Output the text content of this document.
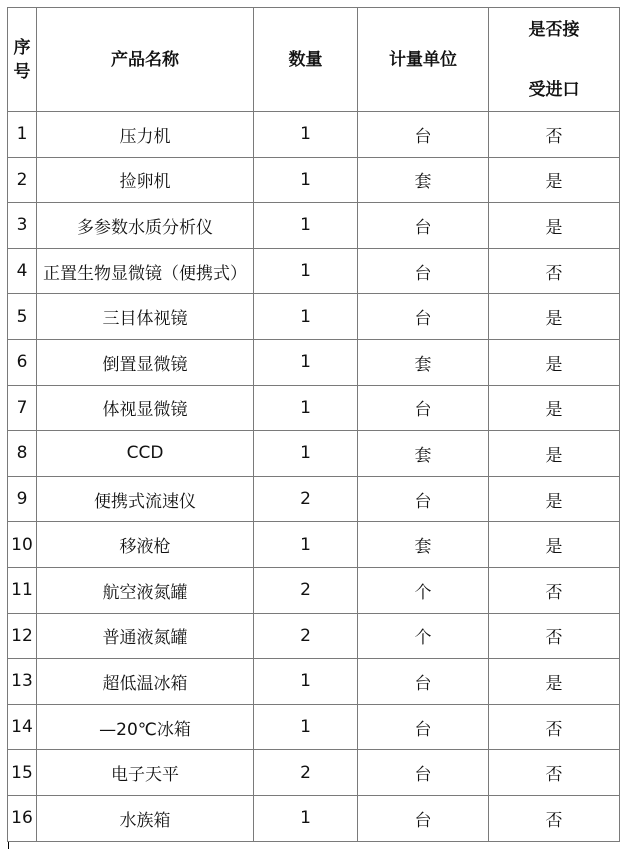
序
号	产品名称	数量	计量单位	是否接
受进口

1	压力机	1	台	否
2	捡卵机	1	套	是
3	多参数水质分析仪	1	台	是
4	正置生物显微镜（便携式）	1	台	否
5	三目体视镜	1	台	是
6	倒置显微镜	1	套	是
7	体视显微镜	1	台	是
8	CCD	1	套	是
9	便携式流速仪	2	台	是
10	移液枪	1	套	是
11	航空液氮罐	2	个	否
12	普通液氮罐	2	个	否
13	超低温冰箱	1	台	是
14	—20℃冰箱	1	台	否
15	电子天平	2	台	否
16	水族箱	1	台	否
